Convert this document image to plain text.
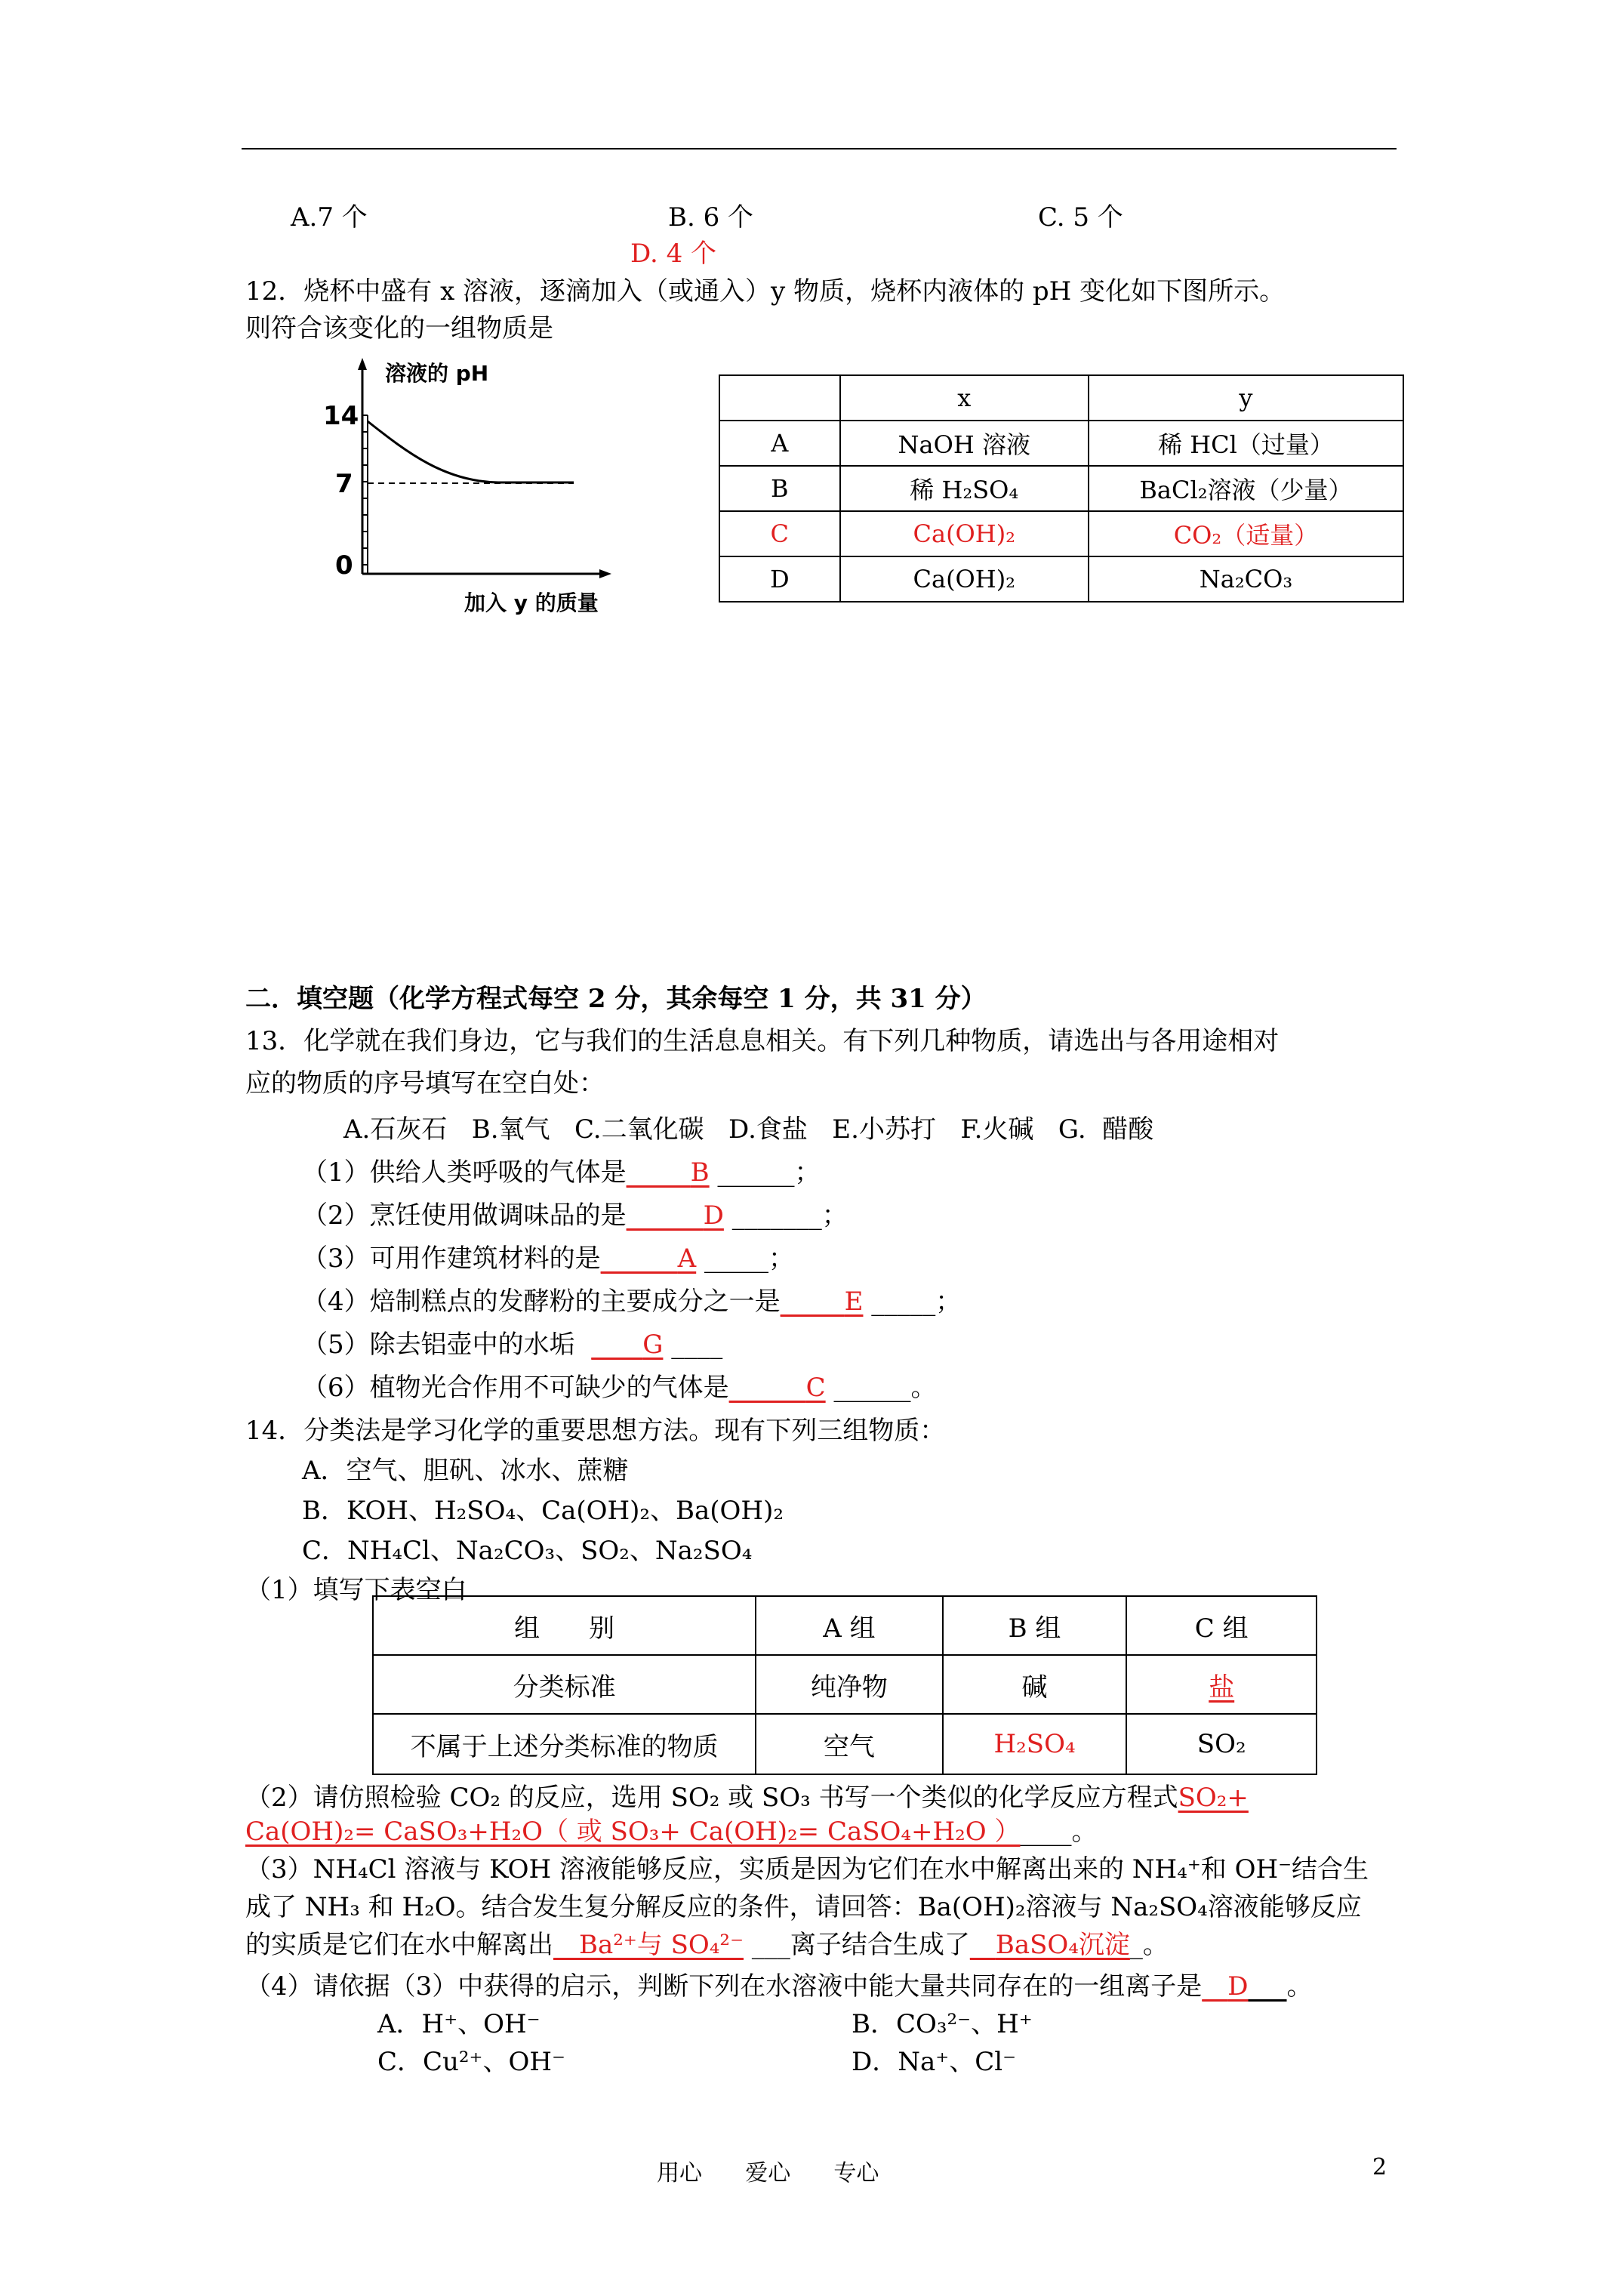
A.7 个	B. 6 个	C. 5 个
D. 4 个
12．烧杯中盛有 x 溶液，逐滴加入（或通入）y 物质，烧杯内液体的 pH 变化如下图所示。
则符合该变化的一组物质是
溶液的 pH
14
7
0
加入 y 的质量
	x	y
A	NaOH 溶液	稀 HCl（过量）
B	稀 H₂SO₄	BaCl₂溶液（少量）
C	Ca(OH)₂	CO₂（适量）
D	Ca(OH)₂	Na₂CO₃
二．填空题（化学方程式每空 2 分，其余每空 1 分，共 31 分）
13．化学就在我们身边，它与我们的生活息息相关。有下列几种物质，请选出与各用途相对
应的物质的序号填写在空白处：
A.石灰石   B.氧气   C.二氧化碳   D.食盐   E.小苏打   F.火碱   G.  醋酸
（1）供给人类呼吸的气体是_____B ______；
（2）烹饪使用做调味品的是______D _______；
（3）可用作建筑材料的是______A _____；
（4）焙制糕点的发酵粉的主要成分之一是_____E _____；
（5）除去铝壶中的水垢  ____G ____
（6）植物光合作用不可缺少的气体是______C ______。
14．分类法是学习化学的重要思想方法。现有下列三组物质：
A．空气、胆矾、冰水、蔗糖
B．KOH、H₂SO₄、Ca(OH)₂、Ba(OH)₂
C．NH₄Cl、Na₂CO₃、SO₂、Na₂SO₄
（1）填写下表空白
组      别	A 组	B 组	C 组
分类标准	纯净物	碱	盐
不属于上述分类标准的物质	空气	H₂SO₄	SO₂
（2）请仿照检验 CO₂ 的反应，选用 SO₂ 或 SO₃ 书写一个类似的化学反应方程式SO₂+
Ca(OH)₂= CaSO₃+H₂O（ 或 SO₃+ Ca(OH)₂= CaSO₄+H₂O ）____。
（3）NH₄Cl 溶液与 KOH 溶液能够反应，实质是因为它们在水中解离出来的 NH₄⁺和 OH⁻结合生
成了 NH₃ 和 H₂O。结合发生复分解反应的条件，请回答：Ba(OH)₂溶液与 Na₂SO₄溶液能够反应
的实质是它们在水中解离出__Ba²⁺与 SO₄²⁻ ___离子结合生成了__BaSO₄沉淀_。
（4）请依据（3）中获得的启示，判断下列在水溶液中能大量共同存在的一组离子是__D___。
A．H⁺、OH⁻	B．CO₃²⁻、H⁺
C．Cu²⁺、OH⁻	D．Na⁺、Cl⁻
用心      爱心      专心	2
